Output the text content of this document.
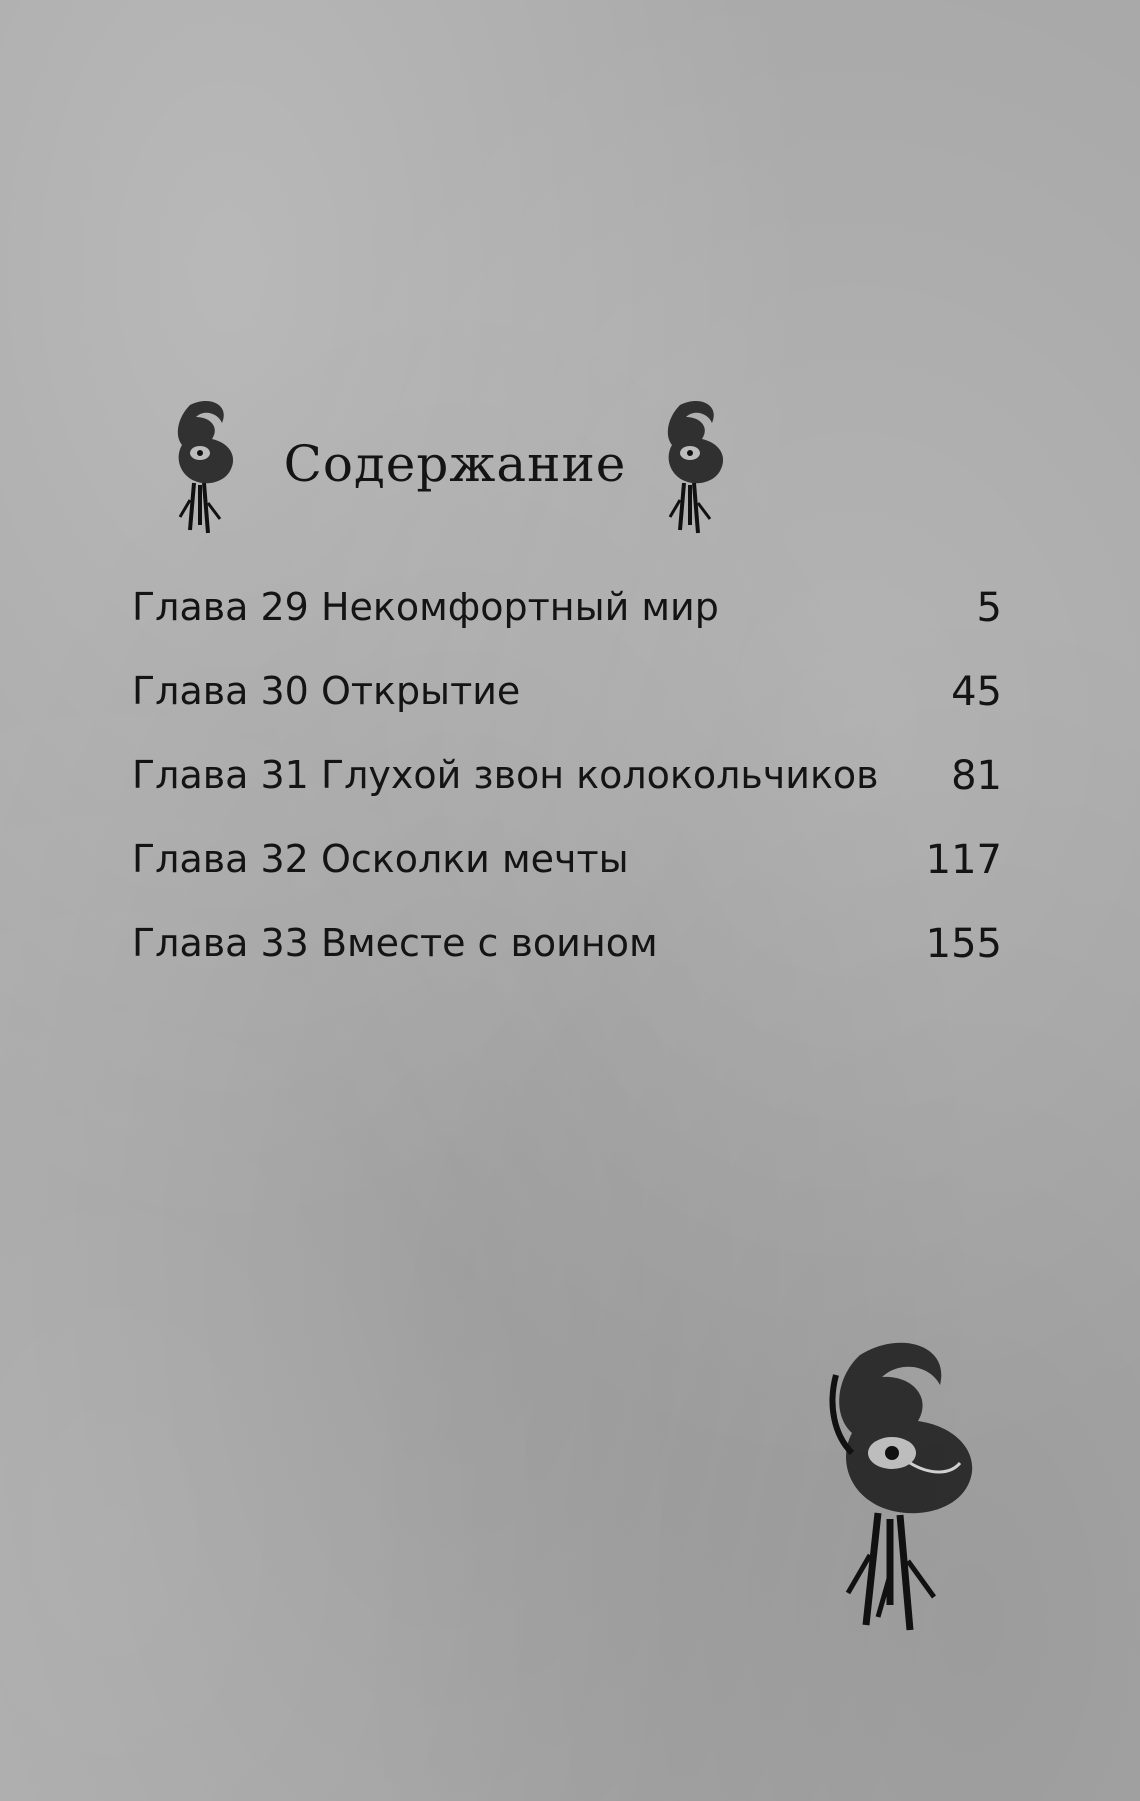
Содержание
Глава 29 Некомфортный мир	5
Глава 30 Открытие	45
Глава 31 Глухой звон колокольчиков	81
Глава 32 Осколки мечты	117
Глава 33 Вместе с воином	155
